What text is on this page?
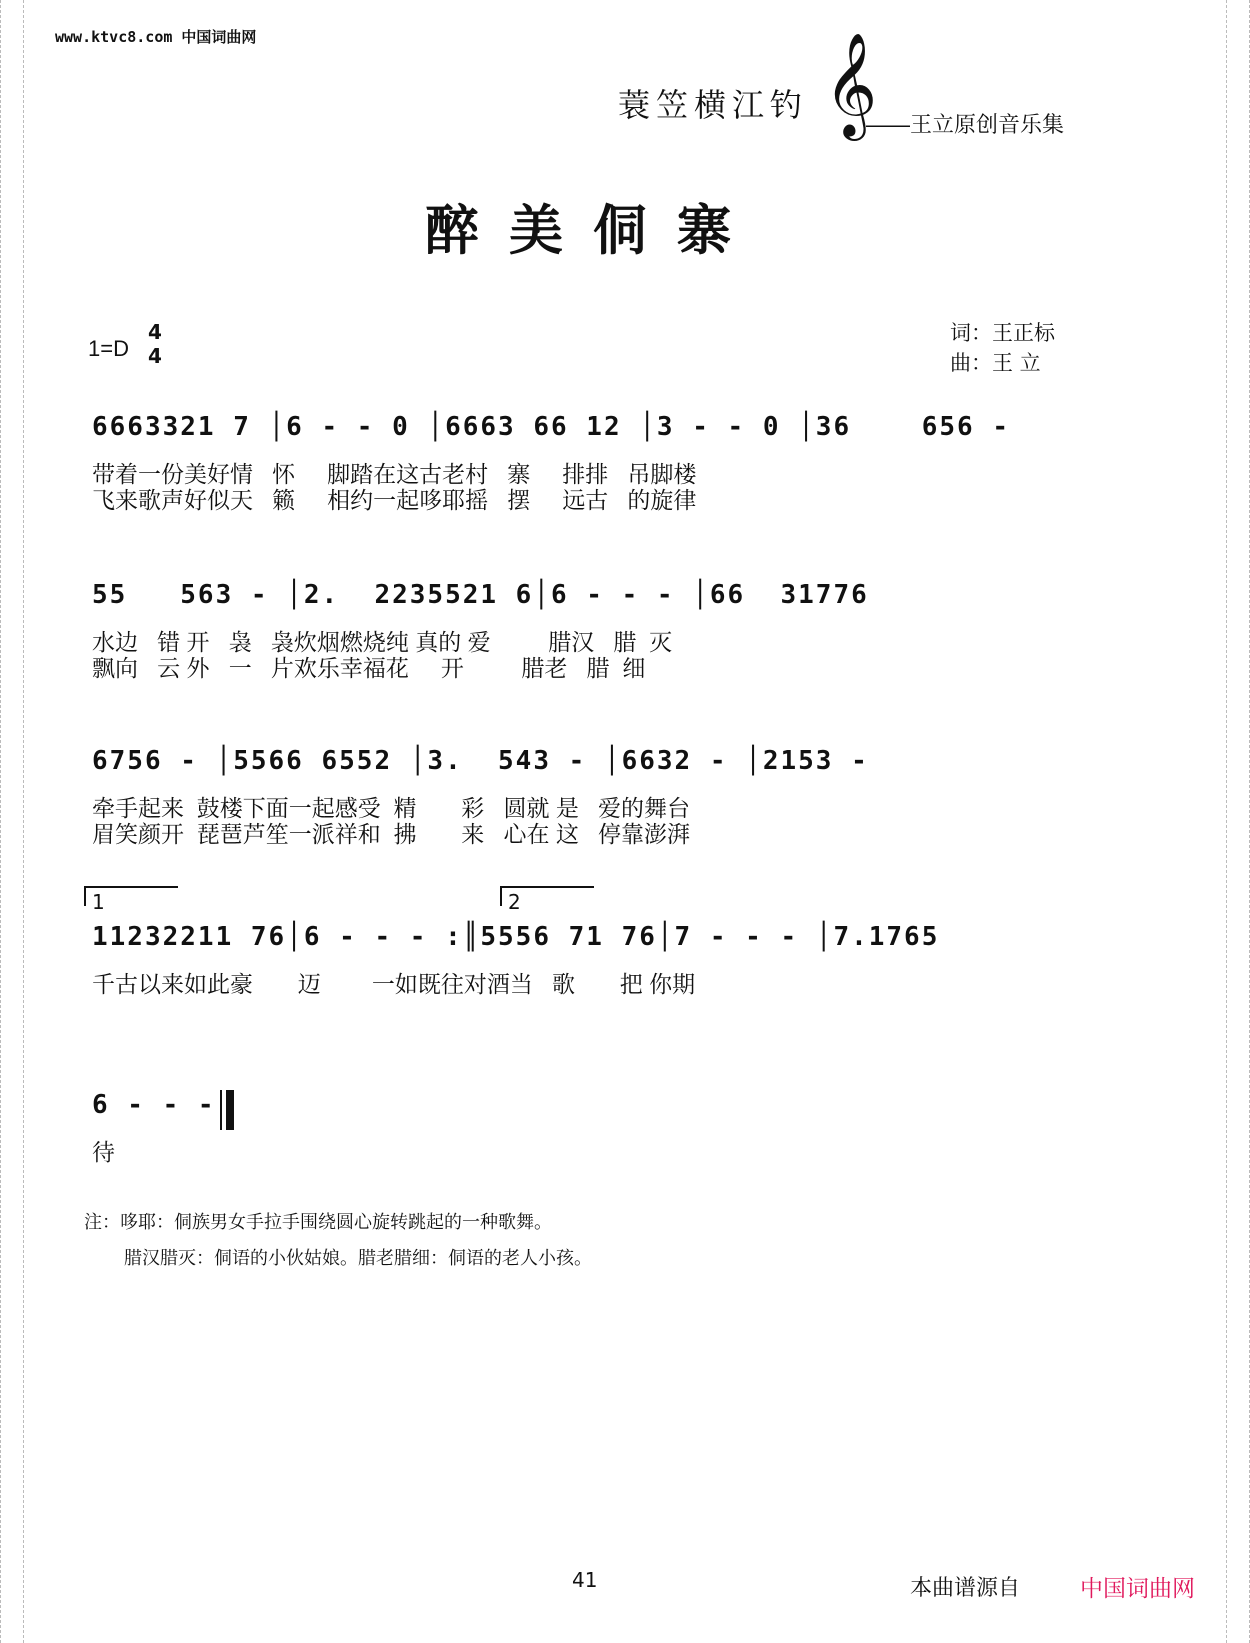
www.ktvc8.com 中国词曲网
蓑笠横江钓 𝄞
——王立原创音乐集
醉美侗寨
1=D
4
4
词：王正标
曲：王 立
6663321 7 │6 - - 0 │6663 66 12 │3 - - 0 │36    656 -
带着一份美好情   怀     脚踏在这古老村   寨     排排   吊脚楼
飞来歌声好似天   籁     相约一起哆耶摇   摆     远古   的旋律
55   563 - │2.  2235521 6│6 - - - │66  31776
水边   错 开   袅   袅炊烟燃烧纯 真的 爱         腊汉   腊  灭
飘向   云 外   一   片欢乐幸福花     开         腊老   腊  细
6756 - │5566 6552 │3.  543 - │6632 - │2153 -
牵手起来  鼓楼下面一起感受  精       彩   圆就 是   爱的舞台
眉笑颜开  琵琶芦笙一派祥和  拂       来   心在 这   停靠澎湃
1	2
11232211 76│6 - - - :║5556 71 76│7 - - - │7.1765
千古以来如此豪       迈        一如既往对酒当   歌       把 你期
6 - - -
待
注：哆耶：侗族男女手拉手围绕圆心旋转跳起的一种歌舞。
腊汉腊灭：侗语的小伙姑娘。腊老腊细：侗语的老人小孩。
41	本曲谱源自	中国词曲网
